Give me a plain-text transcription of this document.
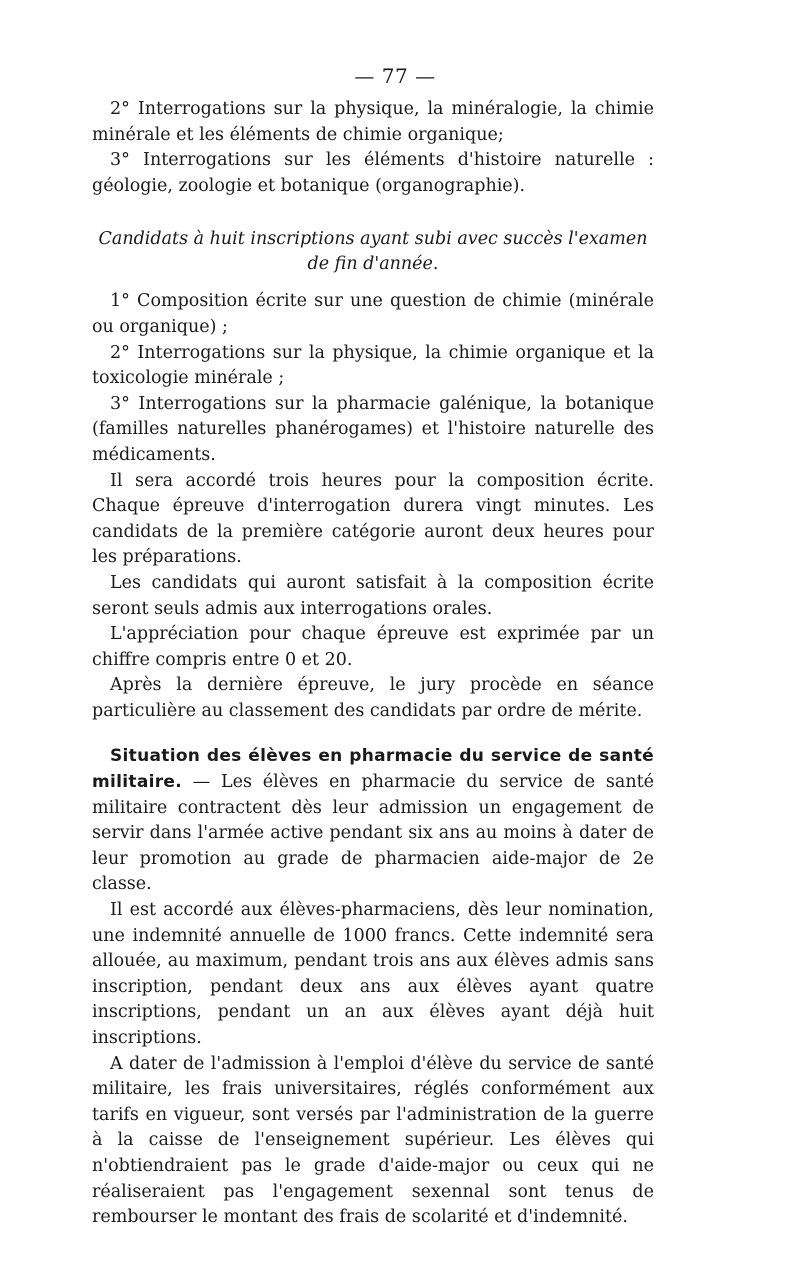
— 77 —

2° Interrogations sur la physique, la minéralogie, la chimie minérale et les éléments de chimie organique;

3° Interrogations sur les éléments d'histoire naturelle : géologie, zoologie et botanique (organographie).

Candidats à huit inscriptions ayant subi avec succès l'examen de fin d'année.

1° Composition écrite sur une question de chimie (minérale ou organique) ;

2° Interrogations sur la physique, la chimie organique et la toxicologie minérale ;

3° Interrogations sur la pharmacie galénique, la botanique (familles naturelles phanérogames) et l'histoire naturelle des médicaments.

Il sera accordé trois heures pour la composition écrite. Chaque épreuve d'interrogation durera vingt minutes. Les candidats de la première catégorie auront deux heures pour les préparations.

Les candidats qui auront satisfait à la composition écrite seront seuls admis aux interrogations orales.

L'appréciation pour chaque épreuve est exprimée par un chiffre compris entre 0 et 20.

Après la dernière épreuve, le jury procède en séance particulière au classement des candidats par ordre de mérite.

Situation des élèves en pharmacie du service de santé militaire. — Les élèves en pharmacie du service de santé militaire contractent dès leur admission un engagement de servir dans l'armée active pendant six ans au moins à dater de leur promotion au grade de pharmacien aide-major de 2e classe.

Il est accordé aux élèves-pharmaciens, dès leur nomination, une indemnité annuelle de 1000 francs. Cette indemnité sera allouée, au maximum, pendant trois ans aux élèves admis sans inscription, pendant deux ans aux élèves ayant quatre inscriptions, pendant un an aux élèves ayant déjà huit inscriptions.

A dater de l'admission à l'emploi d'élève du service de santé militaire, les frais universitaires, réglés conformément aux tarifs en vigueur, sont versés par l'administration de la guerre à la caisse de l'enseignement supérieur. Les élèves qui n'obtiendraient pas le grade d'aide-major ou ceux qui ne réaliseraient pas l'engagement sexennal sont tenus de rembourser le montant des frais de scolarité et d'indemnité.
